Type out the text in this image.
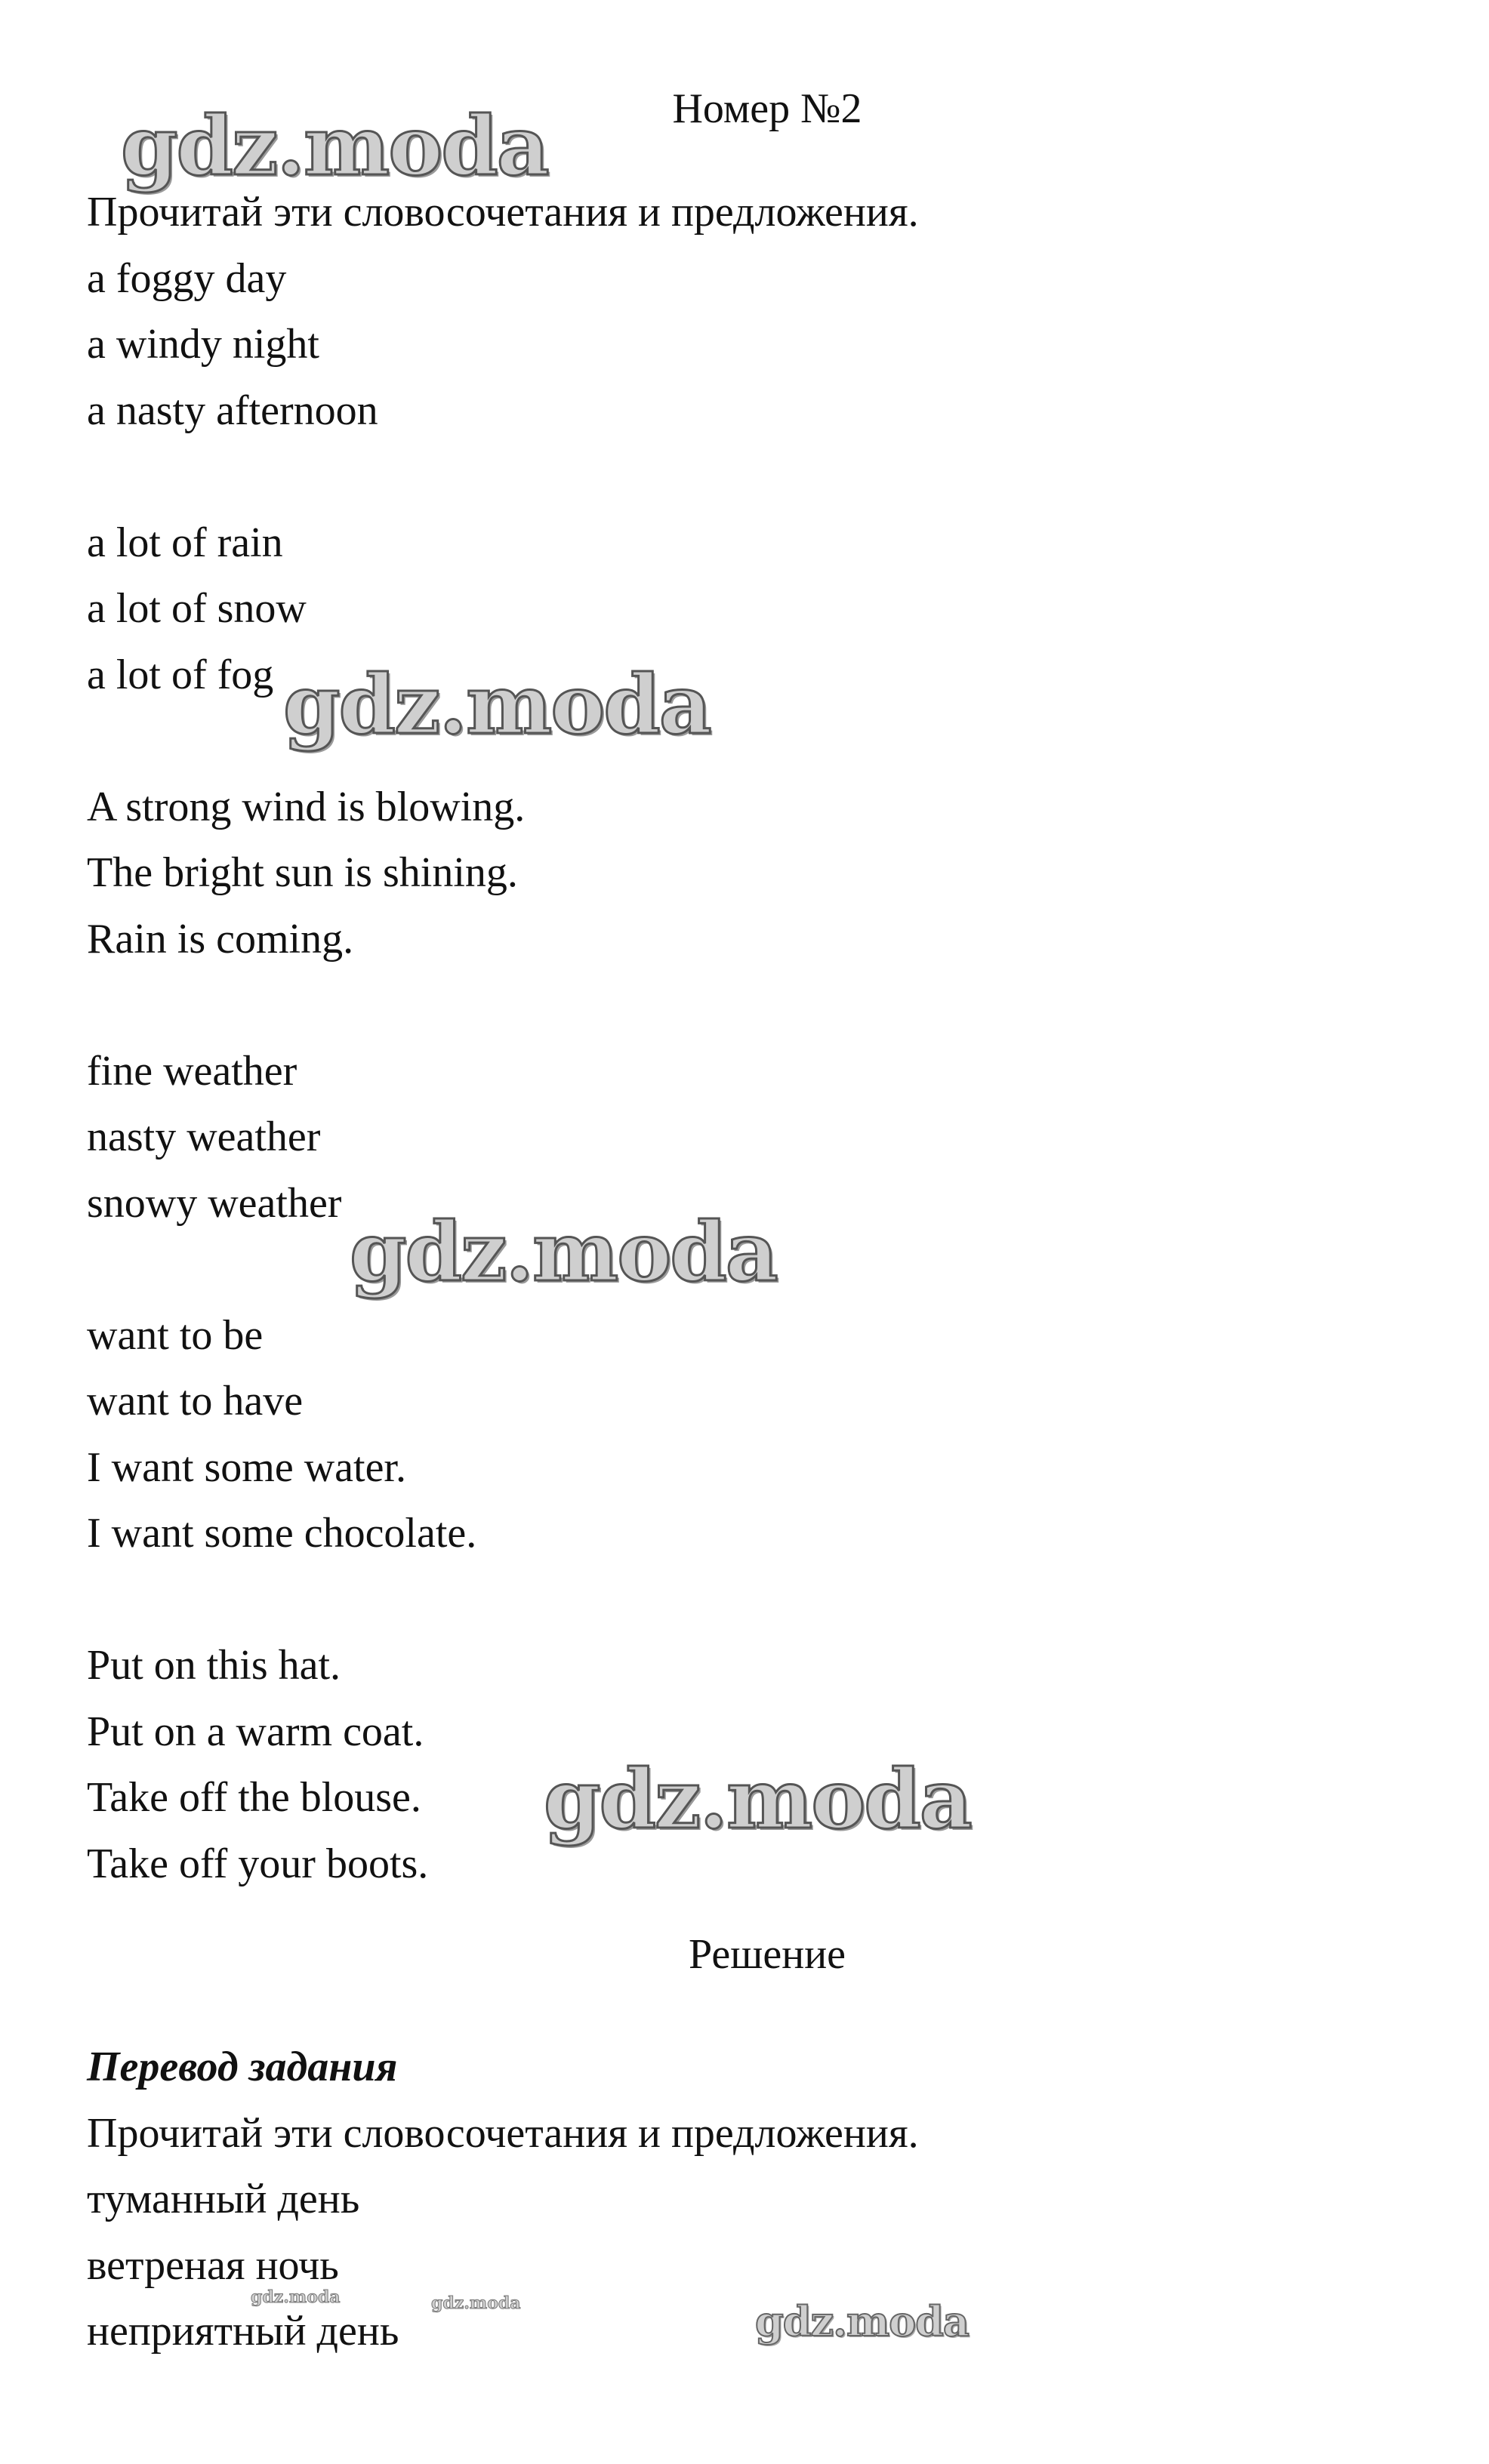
Номер №2
Прочитай эти словосочетания и предложения.
a foggy day
a windy night
a nasty afternoon
a lot of rain
a lot of snow
a lot of fog
A strong wind is blowing.
The bright sun is shining.
Rain is coming.
fine weather
nasty weather
snowy weather
want to be
want to have
I want some water.
I want some chocolate.
Put on this hat.
Put on a warm coat.
Take off the blouse.
Take off your boots.
Решение
Перевод задания
Прочитай эти словосочетания и предложения.
туманный день
ветреная ночь
неприятный день
gdz.moda
gdz.moda
gdz.moda
gdz.moda
gdz.moda	gdz.moda	gdz.moda
